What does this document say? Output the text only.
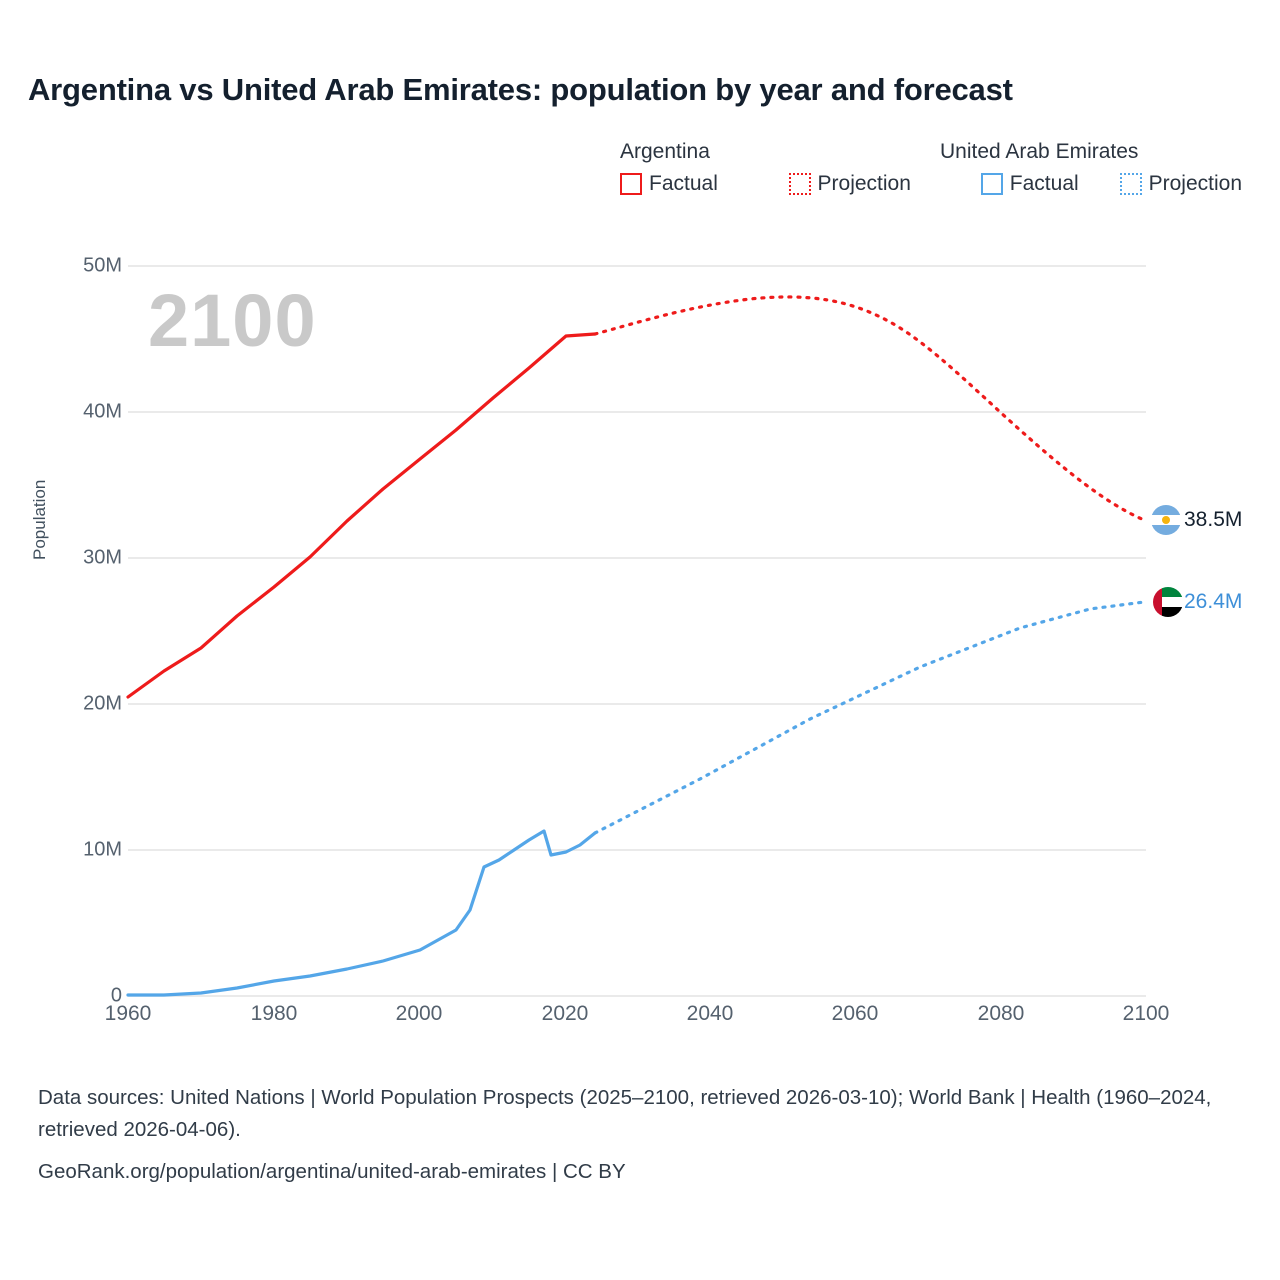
Argentina vs United Arab Emirates: population by year and forecast
Argentina	United Arab Emirates
Factual	Projection	Factual	Projection
2100
Population
50M
40M
30M
20M
10M
0
1960	1980	2000	2020	2040	2060	2080	2100
38.5M
26.4M
Data sources: United Nations | World Population Prospects (2025–2100, retrieved 2026-03-10); World Bank | Health (1960–2024, retrieved 2026-04-06).
GeoRank.org/population/argentina/united-arab-emirates | CC BY
